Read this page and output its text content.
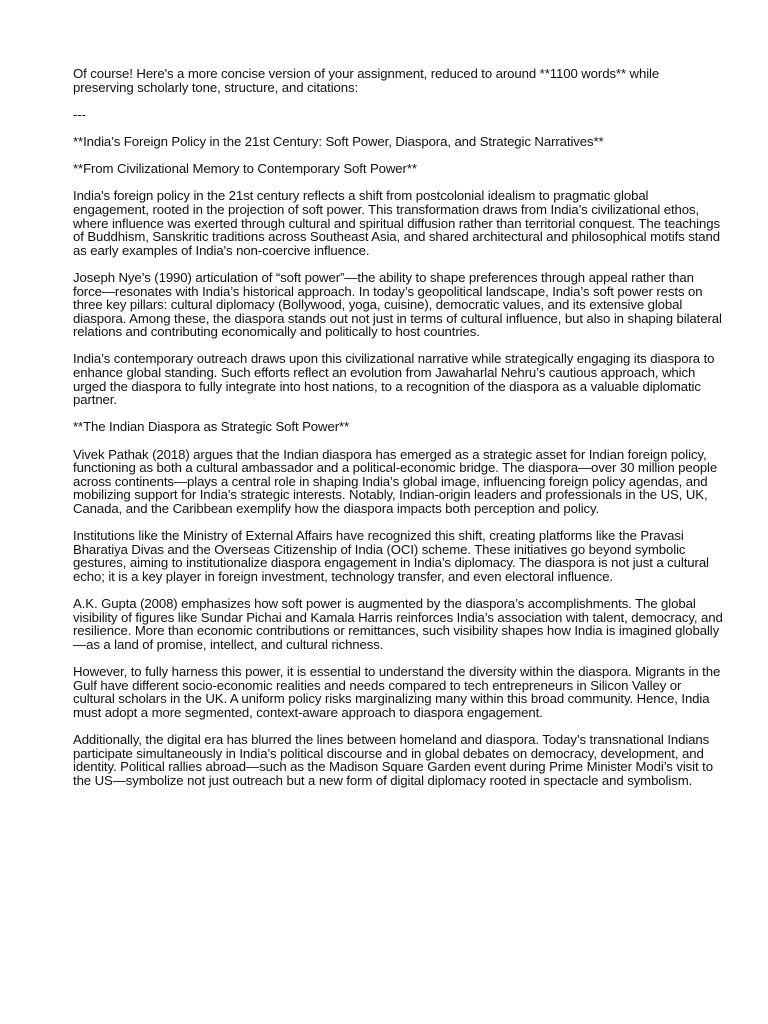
Of course! Here's a more concise version of your assignment, reduced to around **1100 words** while preserving scholarly tone, structure, and citations:

---

**India’s Foreign Policy in the 21st Century: Soft Power, Diaspora, and Strategic Narratives**

**From Civilizational Memory to Contemporary Soft Power**

India's foreign policy in the 21st century reflects a shift from postcolonial idealism to pragmatic global engagement, rooted in the projection of soft power. This transformation draws from India’s civilizational ethos, where influence was exerted through cultural and spiritual diffusion rather than territorial conquest. The teachings of Buddhism, Sanskritic traditions across Southeast Asia, and shared architectural and philosophical motifs stand as early examples of India's non-coercive influence.

Joseph Nye’s (1990) articulation of “soft power”—the ability to shape preferences through appeal rather than force—resonates with India’s historical approach. In today’s geopolitical landscape, India’s soft power rests on three key pillars: cultural diplomacy (Bollywood, yoga, cuisine), democratic values, and its extensive global diaspora. Among these, the diaspora stands out not just in terms of cultural influence, but also in shaping bilateral relations and contributing economically and politically to host countries.

India’s contemporary outreach draws upon this civilizational narrative while strategically engaging its diaspora to enhance global standing. Such efforts reflect an evolution from Jawaharlal Nehru’s cautious approach, which urged the diaspora to fully integrate into host nations, to a recognition of the diaspora as a valuable diplomatic partner.

**The Indian Diaspora as Strategic Soft Power**

Vivek Pathak (2018) argues that the Indian diaspora has emerged as a strategic asset for Indian foreign policy, functioning as both a cultural ambassador and a political-economic bridge. The diaspora—over 30 million people across continents—plays a central role in shaping India’s global image, influencing foreign policy agendas, and mobilizing support for India’s strategic interests. Notably, Indian-origin leaders and professionals in the US, UK, Canada, and the Caribbean exemplify how the diaspora impacts both perception and policy.

Institutions like the Ministry of External Affairs have recognized this shift, creating platforms like the Pravasi Bharatiya Divas and the Overseas Citizenship of India (OCI) scheme. These initiatives go beyond symbolic gestures, aiming to institutionalize diaspora engagement in India’s diplomacy. The diaspora is not just a cultural echo; it is a key player in foreign investment, technology transfer, and even electoral influence.

A.K. Gupta (2008) emphasizes how soft power is augmented by the diaspora’s accomplishments. The global visibility of figures like Sundar Pichai and Kamala Harris reinforces India’s association with talent, democracy, and resilience. More than economic contributions or remittances, such visibility shapes how India is imagined globally—as a land of promise, intellect, and cultural richness.

However, to fully harness this power, it is essential to understand the diversity within the diaspora. Migrants in the Gulf have different socio-economic realities and needs compared to tech entrepreneurs in Silicon Valley or cultural scholars in the UK. A uniform policy risks marginalizing many within this broad community. Hence, India must adopt a more segmented, context-aware approach to diaspora engagement.

Additionally, the digital era has blurred the lines between homeland and diaspora. Today’s transnational Indians participate simultaneously in India’s political discourse and in global debates on democracy, development, and identity. Political rallies abroad—such as the Madison Square Garden event during Prime Minister Modi’s visit to the US—symbolize not just outreach but a new form of digital diplomacy rooted in spectacle and symbolism.
